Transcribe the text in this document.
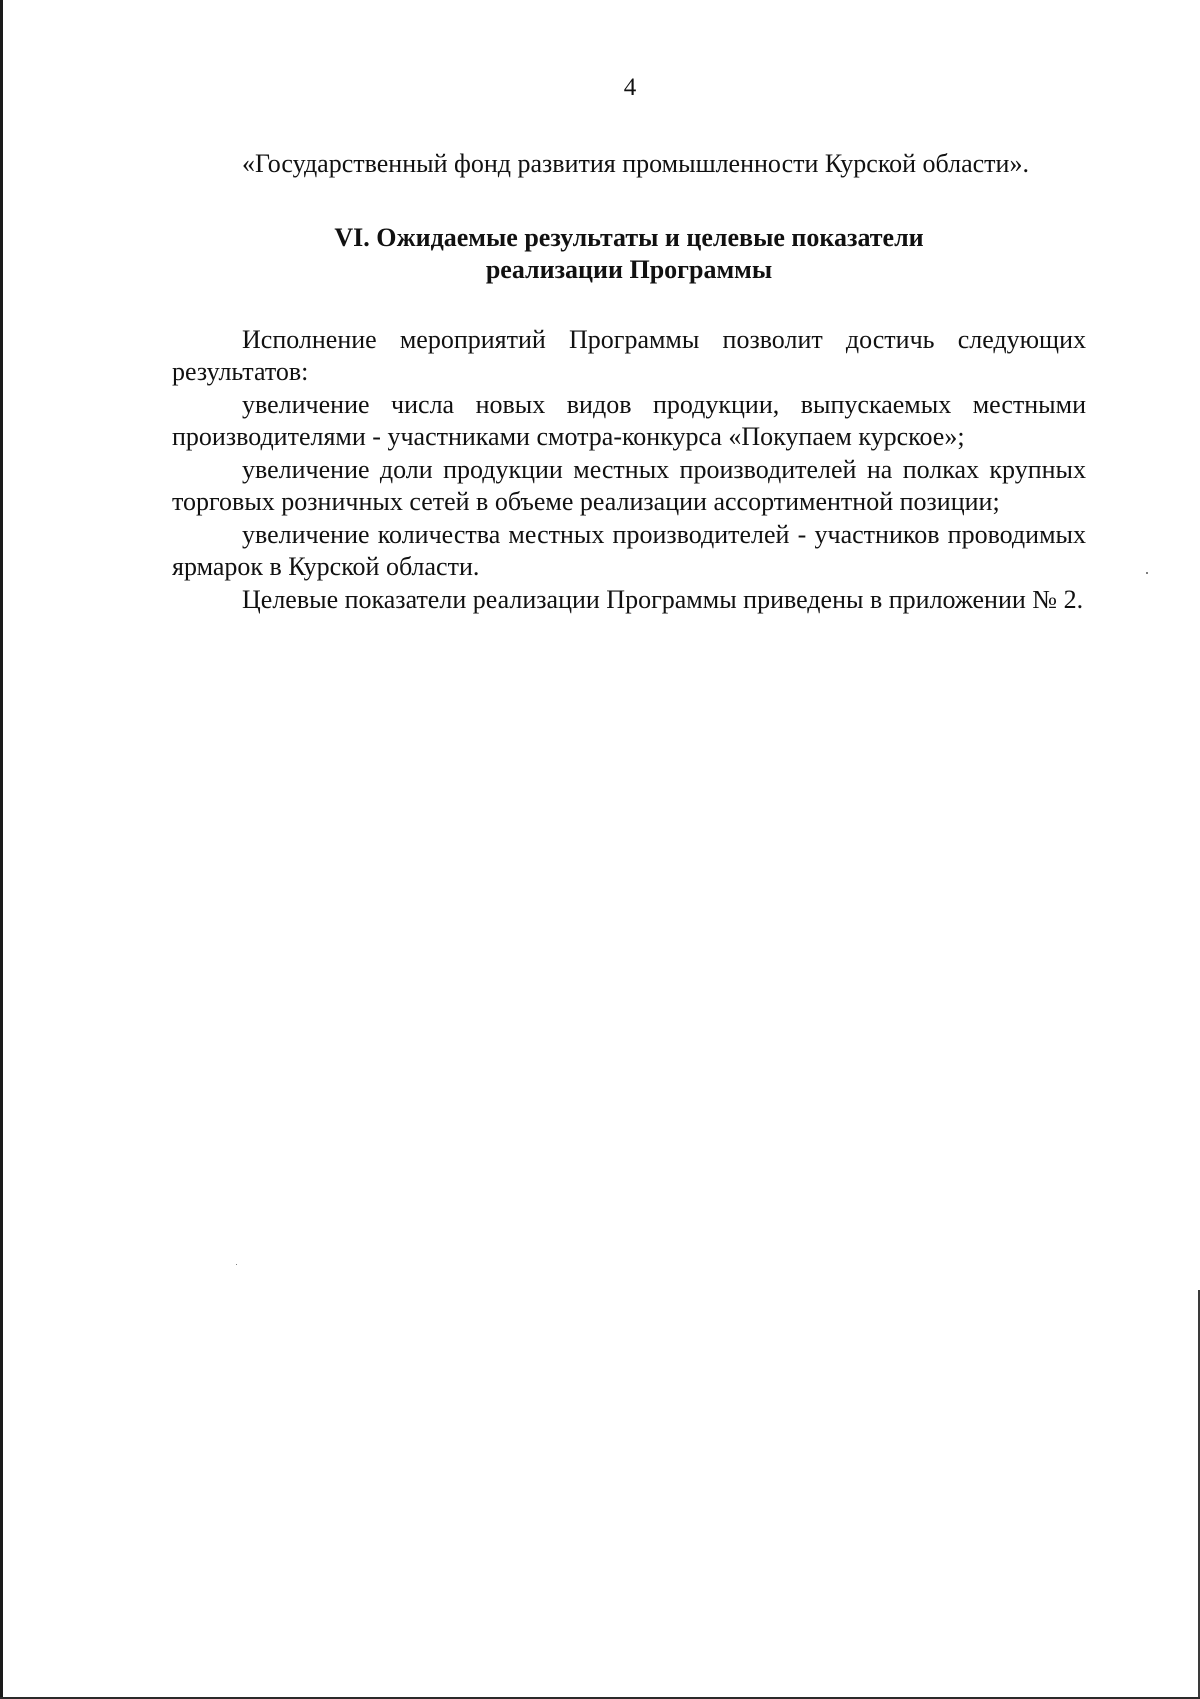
4

«Государственный фонд развития промышленности Курской области».

VI. Ожидаемые результаты и целевые показатели
реализации Программы

Исполнение мероприятий Программы позволит достичь следующих результатов:

увеличение числа новых видов продукции, выпускаемых местными производителями - участниками смотра-конкурса «Покупаем курское»;

увеличение доли продукции местных производителей на полках крупных торговых розничных сетей в объеме реализации ассортиментной позиции;

увеличение количества местных производителей - участников проводимых ярмарок в Курской области.

Целевые показатели реализации Программы приведены в приложении № 2.
